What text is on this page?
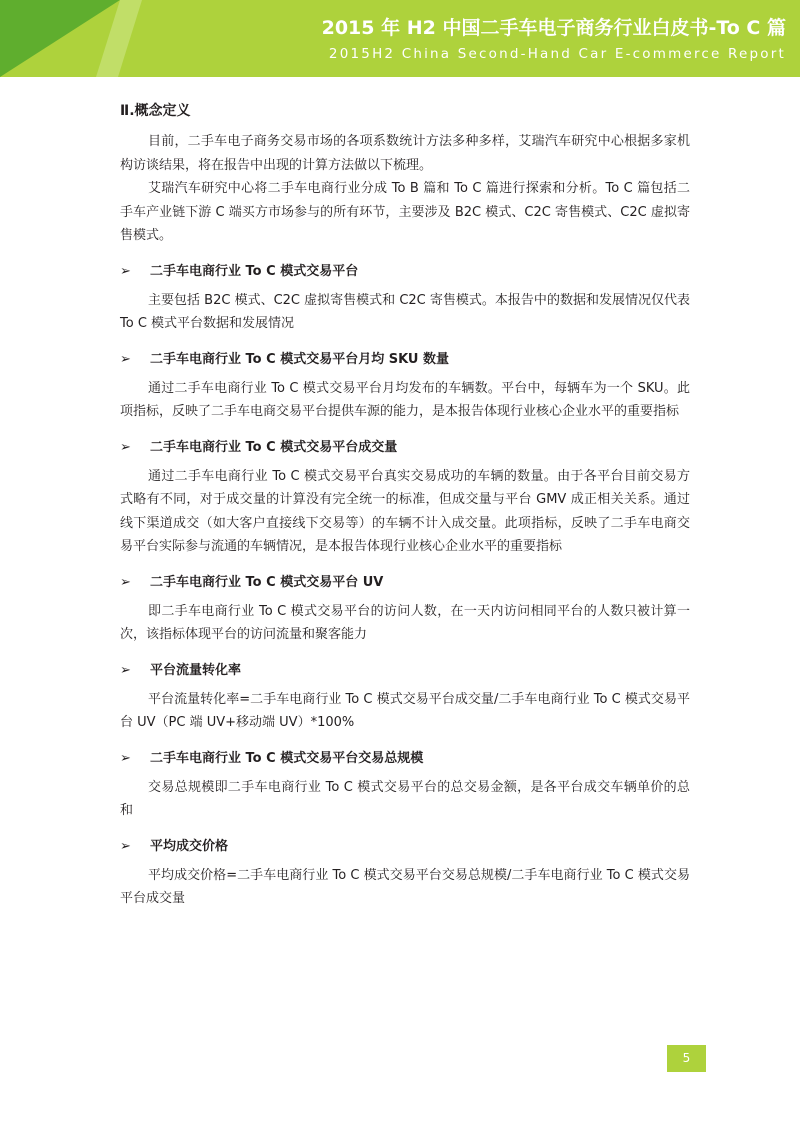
2015 年 H2 中国二手车电子商务行业白皮书-To C 篇
2015H2 China Second-Hand Car E-commerce Report
Ⅱ.概念定义

目前，二手车电子商务交易市场的各项系数统计方法多种多样，艾瑞汽车研究中心根据多家机构访谈结果，将在报告中出现的计算方法做以下梳理。

艾瑞汽车研究中心将二手车电商行业分成 To B 篇和 To C 篇进行探索和分析。To C 篇包括二手车产业链下游 C 端买方市场参与的所有环节，主要涉及 B2C 模式、C2C 寄售模式、C2C 虚拟寄售模式。

➢ 二手车电商行业 To C 模式交易平台

主要包括 B2C 模式、C2C 虚拟寄售模式和 C2C 寄售模式。本报告中的数据和发展情况仅代表 To C 模式平台数据和发展情况

➢ 二手车电商行业 To C 模式交易平台月均 SKU 数量

通过二手车电商行业 To C 模式交易平台月均发布的车辆数。平台中，每辆车为一个 SKU。此项指标，反映了二手车电商交易平台提供车源的能力，是本报告体现行业核心企业水平的重要指标

➢ 二手车电商行业 To C 模式交易平台成交量

通过二手车电商行业 To C 模式交易平台真实交易成功的车辆的数量。由于各平台目前交易方式略有不同，对于成交量的计算没有完全统一的标准，但成交量与平台 GMV 成正相关关系。通过线下渠道成交（如大客户直接线下交易等）的车辆不计入成交量。此项指标，反映了二手车电商交易平台实际参与流通的车辆情况，是本报告体现行业核心企业水平的重要指标

➢ 二手车电商行业 To C 模式交易平台 UV

即二手车电商行业 To C 模式交易平台的访问人数，在一天内访问相同平台的人数只被计算一次，该指标体现平台的访问流量和聚客能力

➢ 平台流量转化率

平台流量转化率=二手车电商行业 To C 模式交易平台成交量/二手车电商行业 To C 模式交易平台 UV（PC 端 UV+移动端 UV）*100%

➢ 二手车电商行业 To C 模式交易平台交易总规模

交易总规模即二手车电商行业 To C 模式交易平台的总交易金额，是各平台成交车辆单价的总和

➢ 平均成交价格

平均成交价格=二手车电商行业 To C 模式交易平台交易总规模/二手车电商行业 To C 模式交易平台成交量

5
